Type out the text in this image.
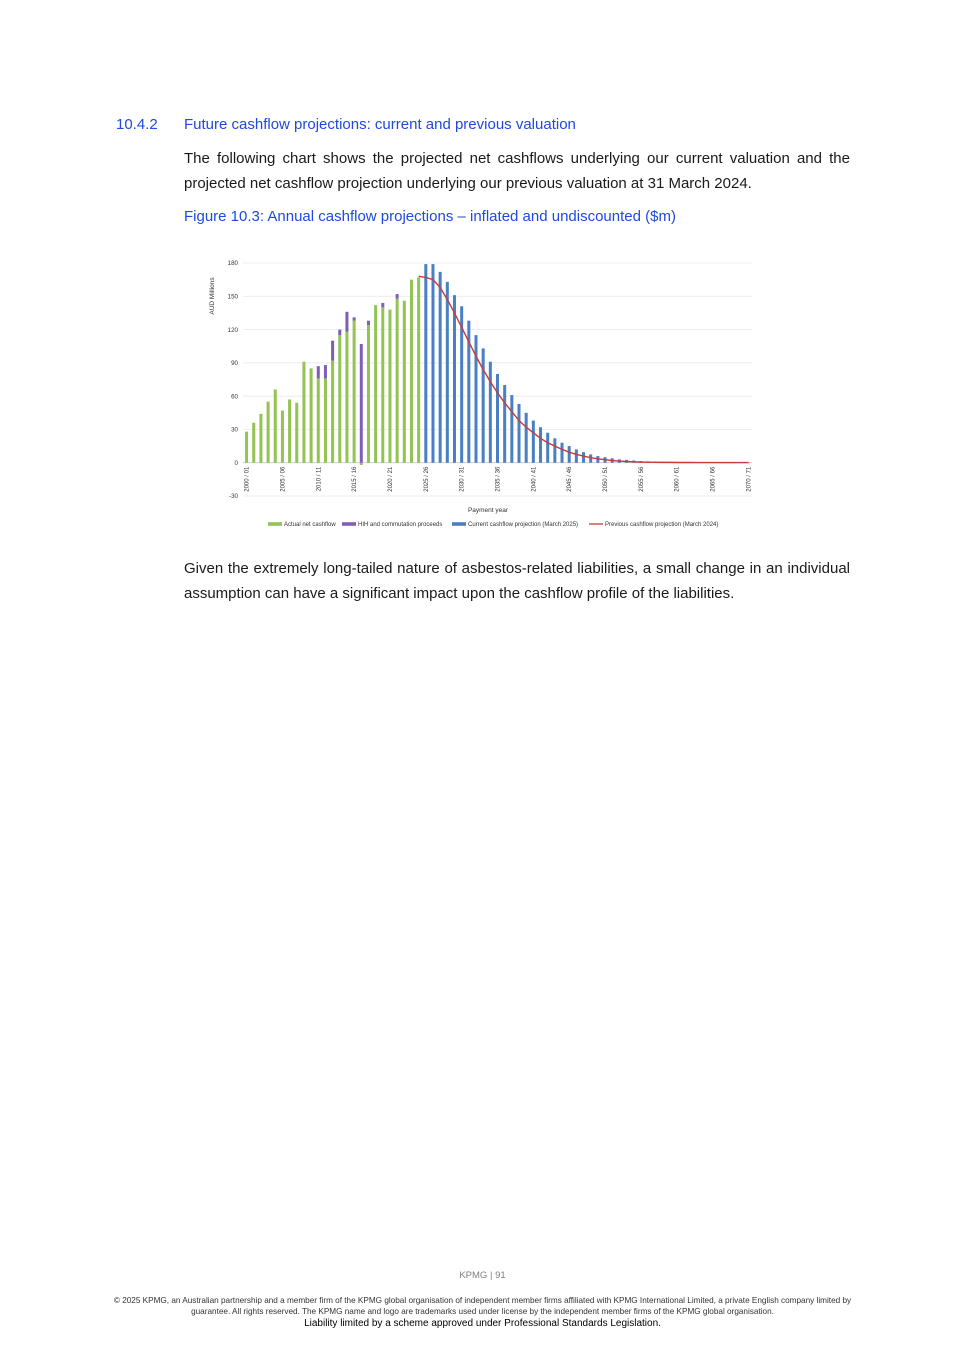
10.4.2 Future cashflow projections: current and previous valuation
The following chart shows the projected net cashflows underlying our current valuation and the projected net cashflow projection underlying our previous valuation at 31 March 2024.
Figure 10.3: Annual cashflow projections – inflated and undiscounted ($m)
-30
0
30
60
90
120
150
180
2000 / 01	2005 / 06	2010 / 11	2015 / 16	2020 / 21	2025 / 26	2030 / 31	2035 / 36	2040 / 41	2045 / 46	2050 / 51	2055 / 56	2060 / 61	2065 / 66	2070 / 71
AUD Millions
Payment year
Actual net cashflow	HIH and commutation proceeds	Current cashflow projection (March 2025)	Previous cashflow projection (March 2024)
Given the extremely long-tailed nature of asbestos-related liabilities, a small change in an individual assumption can have a significant impact upon the cashflow profile of the liabilities.
KPMG | 91
© 2025 KPMG, an Australian partnership and a member firm of the KPMG global organisation of independent member firms affiliated with KPMG International Limited, a private English company limited by guarantee. All rights reserved. The KPMG name and logo are trademarks used under license by the independent member firms of the KPMG global organisation.
Liability limited by a scheme approved under Professional Standards Legislation.
